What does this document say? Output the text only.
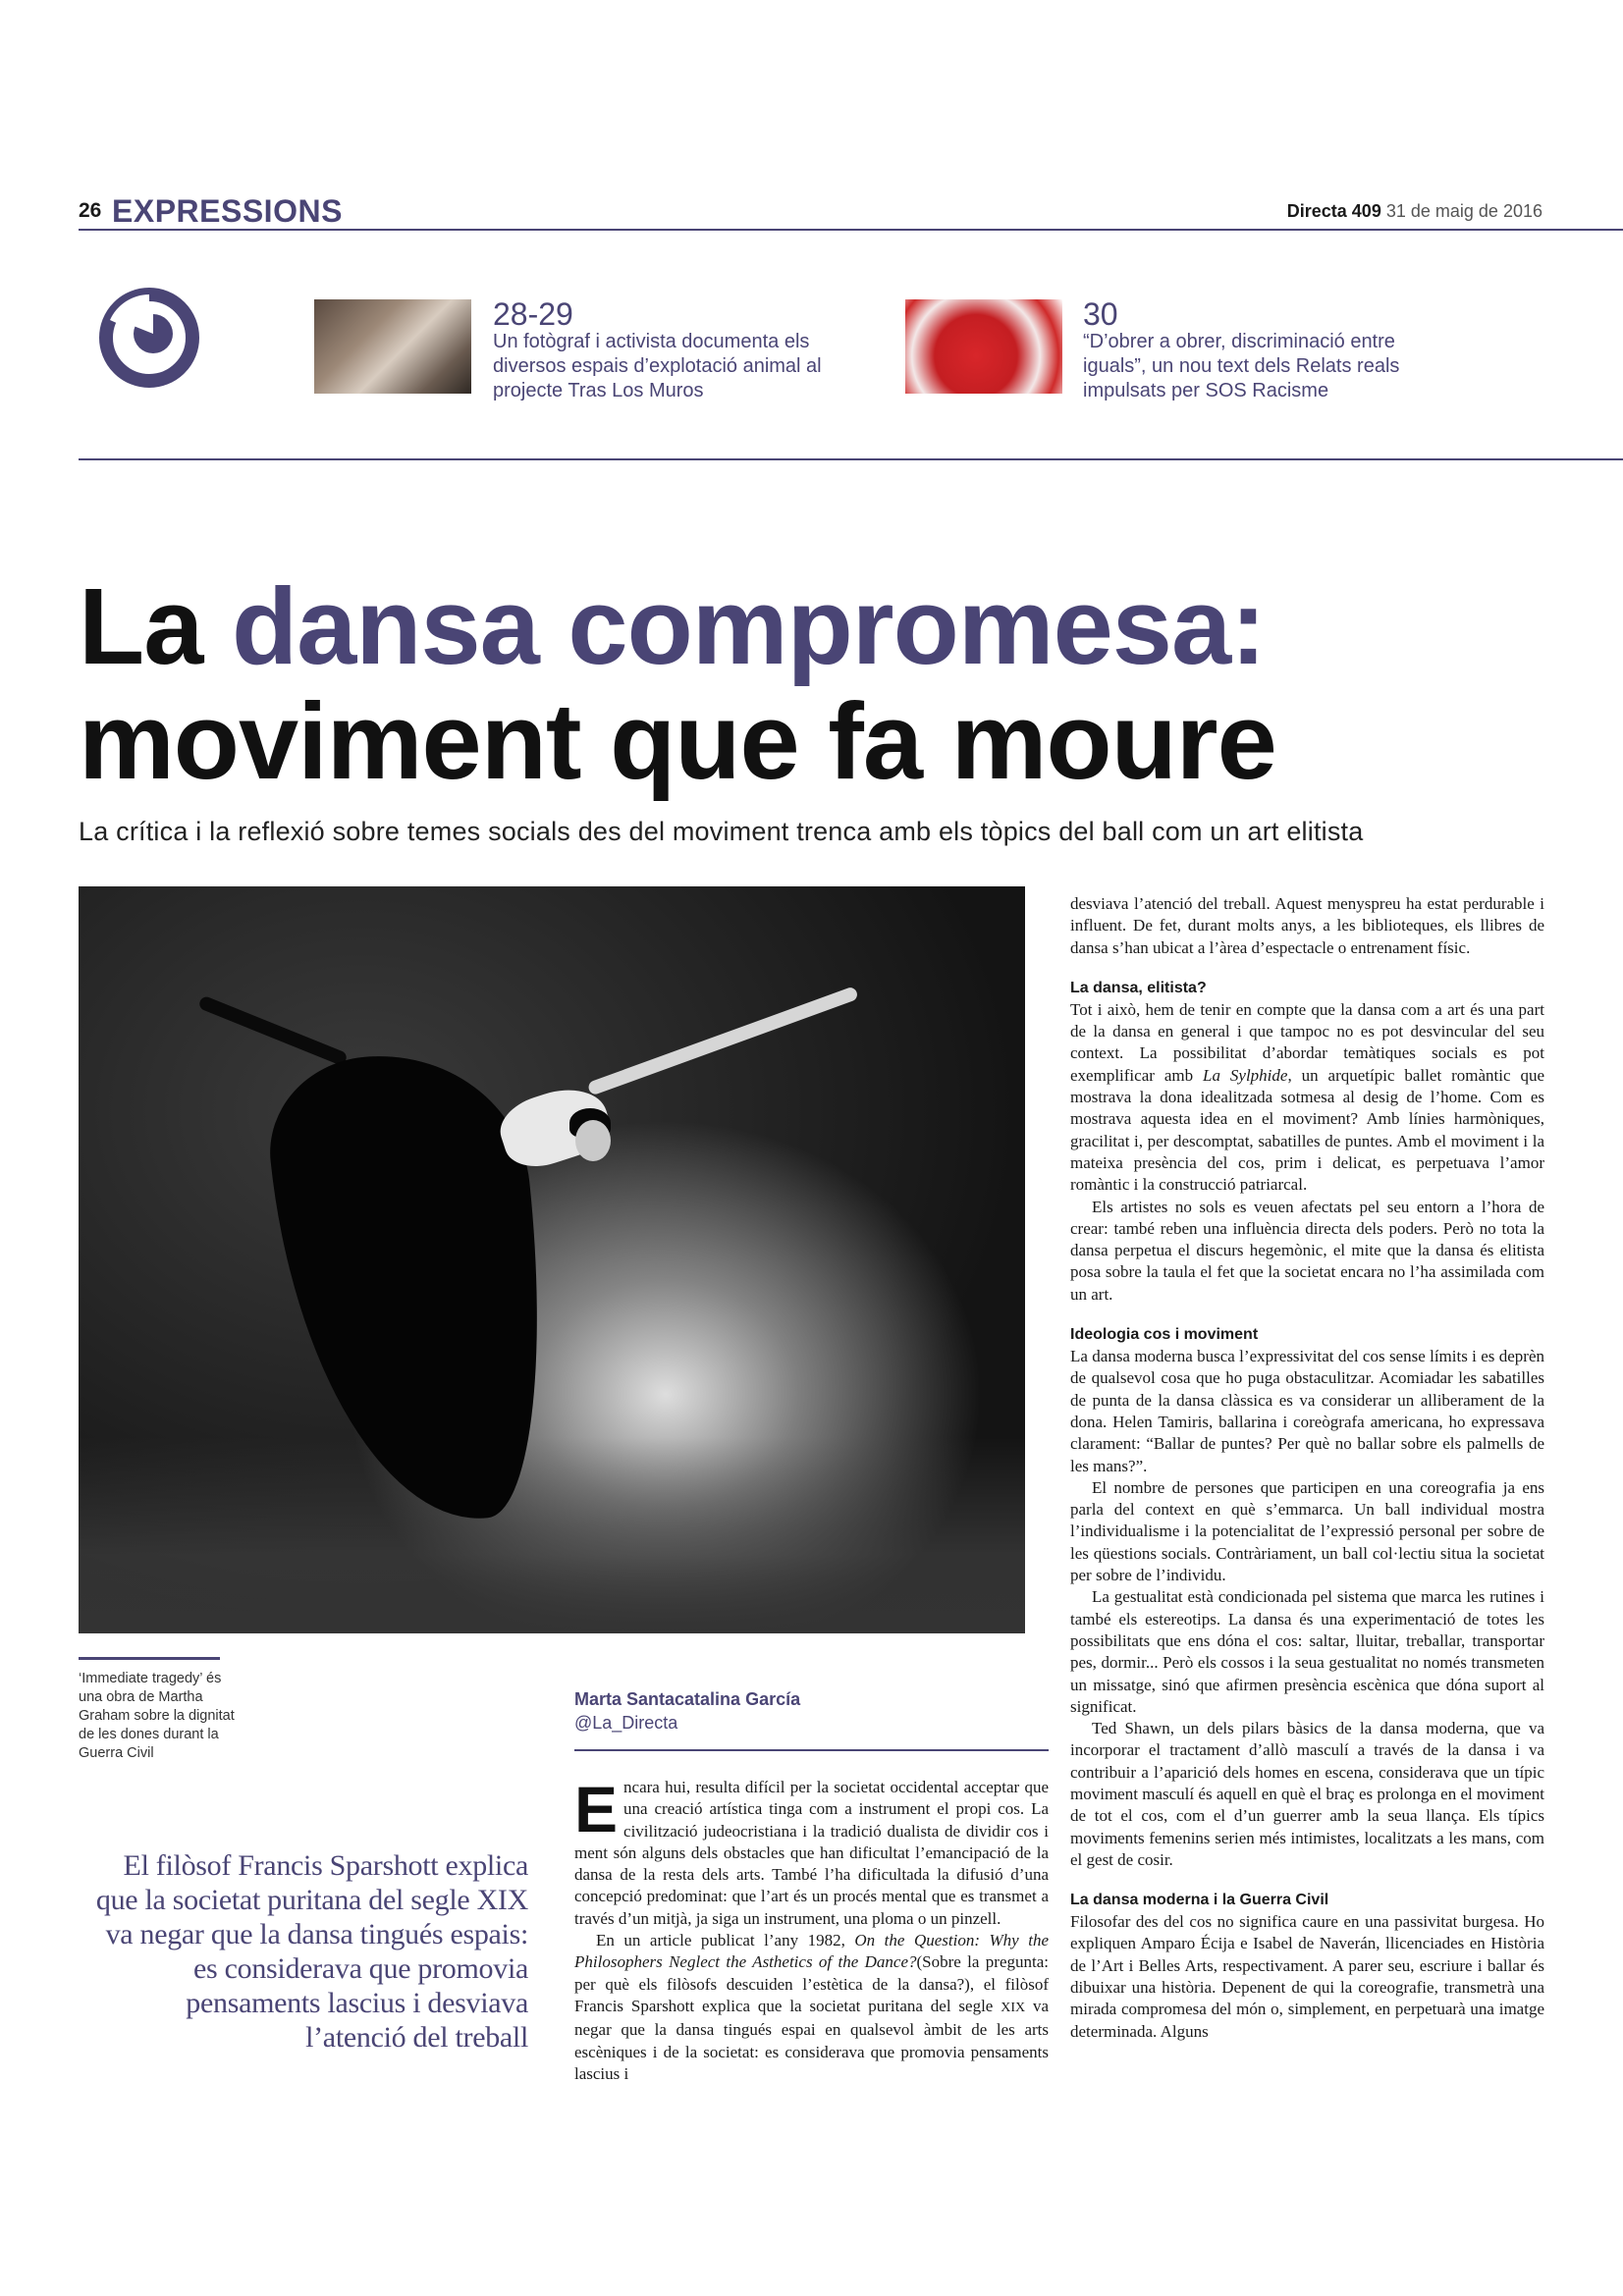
26 EXPRESSIONS	Directa 409 31 de maig de 2016
28-29
Un fotògraf i activista documenta els diversos espais d’explotació animal al projecte Tras Los Muros
30
“D’obrer a obrer, discriminació entre iguals”, un nou text dels Relats reals impulsats per SOS Racisme
La dansa compromesa:
moviment que fa moure
La crítica i la reflexió sobre temes socials des del moviment trenca amb els tòpics del ball com un art elitista
‘Immediate tragedy’ és una obra de Martha Graham sobre la dignitat de les dones durant la Guerra Civil
Marta Santacatalina García
@La_Directa
El filòsof Francis Sparshott explica que la societat puritana del segle XIX va negar que la dansa tingués espais: es considerava que promovia pensaments lascius i desviava l’atenció del treball

Encara hui, resulta difícil per la societat occidental acceptar que una creació artística tinga com a instrument el propi cos. La civilització judeocristiana i la tradició dualista de dividir cos i ment són alguns dels obstacles que han dificultat l’emancipació de la dansa de la resta dels arts. També l’ha dificultada la difusió d’una concepció predominat: que l’art és un procés mental que es transmet a través d’un mitjà, ja siga un instrument, una ploma o un pinzell.

En un article publicat l’any 1982, On the Question: Why the Philosophers Neglect the Asthetics of the Dance?(Sobre la pregunta: per què els filòsofs descuiden l’estètica de la dansa?), el filòsof Francis Sparshott explica que la societat puritana del segle XIX va negar que la dansa tingués espai en qualsevol àmbit de les arts escèniques i de la societat: es considerava que promovia pensaments lascius i

desviava l’atenció del treball. Aquest menyspreu ha estat perdurable i influent. De fet, durant molts anys, a les biblioteques, els llibres de dansa s’han ubicat a l’àrea d’espectacle o entrenament físic.

La dansa, elitista?

Tot i això, hem de tenir en compte que la dansa com a art és una part de la dansa en general i que tampoc no es pot desvincular del seu context. La possibilitat d’abordar temàtiques socials es pot exemplificar amb La Sylphide, un arquetípic ballet romàntic que mostrava la dona idealitzada sotmesa al desig de l’home. Com es mostrava aquesta idea en el moviment? Amb línies harmòniques, gracilitat i, per descomptat, sabatilles de puntes. Amb el moviment i la mateixa presència del cos, prim i delicat, es perpetuava l’amor romàntic i la construcció patriarcal.

Els artistes no sols es veuen afectats pel seu entorn a l’hora de crear: també reben una influència directa dels poders. Però no tota la dansa perpetua el discurs hegemònic, el mite que la dansa és elitista posa sobre la taula el fet que la societat encara no l’ha assimilada com un art.

Ideologia cos i moviment

La dansa moderna busca l’expressivitat del cos sense límits i es deprèn de qualsevol cosa que ho puga obstaculitzar. Acomiadar les sabatilles de punta de la dansa clàssica es va considerar un alliberament de la dona. Helen Tamiris, ballarina i coreògrafa americana, ho expressava clarament: “Ballar de puntes? Per què no ballar sobre els palmells de les mans?”.

El nombre de persones que participen en una coreografia ja ens parla del context en què s’emmarca. Un ball individual mostra l’individualisme i la potencialitat de l’expressió personal per sobre de les qüestions socials. Contràriament, un ball col·lectiu situa la societat per sobre de l’individu.

La gestualitat està condicionada pel sistema que marca les rutines i també els estereotips. La dansa és una experimentació de totes les possibilitats que ens dóna el cos: saltar, lluitar, treballar, transportar pes, dormir... Però els cossos i la seua gestualitat no només transmeten un missatge, sinó que afirmen presència escènica que dóna suport al significat.

Ted Shawn, un dels pilars bàsics de la dansa moderna, que va incorporar el tractament d’allò masculí a través de la dansa i va contribuir a l’aparició dels homes en escena, considerava que un típic moviment masculí és aquell en què el braç es prolonga en el moviment de tot el cos, com el d’un guerrer amb la seua llança. Els típics moviments femenins serien més intimistes, localitzats a les mans, com el gest de cosir.

La dansa moderna i la Guerra Civil

Filosofar des del cos no significa caure en una passivitat burgesa. Ho expliquen Amparo Écija e Isabel de Naverán, llicenciades en Història de l’Art i Belles Arts, respectivament. A parer seu, escriure i ballar és dibuixar una història. Depenent de qui la coreografie, transmetrà una mirada compromesa del món o, simplement, en perpetuarà una imatge determinada. Alguns
